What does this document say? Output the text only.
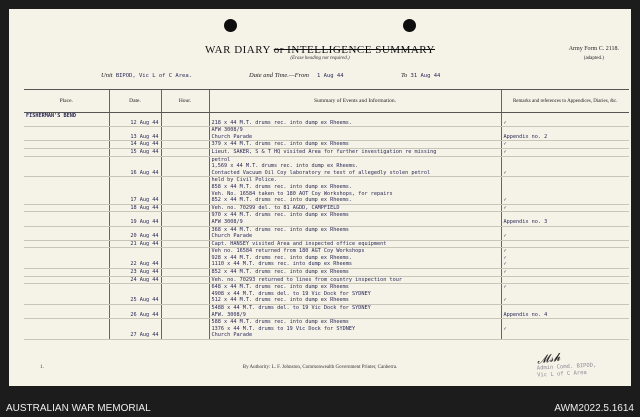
WAR DIARY or INTELLIGENCE SUMMARY
(Erase heading not required.)
Army Form C. 2118.
(adapted.)
Unit BIPOD, Vic L of C Area.	Date and Time.—From 1 Aug 44	To 31 Aug 44
Place.	Date.	Hour.	Summary of Events and Information.	Remarks and references to Appendices, Diaries, &c.
FISHERMAN'S BEND				
	12 Aug 44		218 x 44 M.T. drums rec. into dump ex Rheems.	✓
			AFW 3008/9	
	13 Aug 44		Church Parade	Appendix no. 2
	14 Aug 44		379 x 44 M.T. drums rec. into dump ex Rheems	✓
	15 Aug 44		Lieut. SAKER, S & T HQ visited Area for further investigation re missing	✓
			petrol	
			1,569 x 44 M.T. drums rec. into dump ex Rheems.	
	16 Aug 44		Contacted Vacuum Oil Coy laboratory re test of allegedly stolen petrol	✓
			held by Civil Police.	
			858 x 44 M.T. drums rec. into dump ex Rheems.	
			Veh. No. 16584 taken to 180 AOT Coy Workshops, for repairs	
	17 Aug 44		852 x 44 M.T. drums rec. into dump ex Rheems.	✓
	18 Aug 44		Veh. no. 70299 del. to 81 AGDD, CAMPFIELD	✓
			970 x 44 M.T. drums rec. into dump ex Rheems	
	19 Aug 44		AFW 3008/9	Appendix no. 3
			368 x 44 M.T. drums rec. into dump ex Rheems	
	20 Aug 44		Church Parade	✓
	21 Aug 44		Capt. HANSEY visited Area and inspected office equipment	
			Veh no. 16584 returned from 180 AGT Coy Workshops	✓
			928 x 44 M.T. drums rec. into dump ex Rheems.	✓
	22 Aug 44		1110 x 44 M.T. drums rec. into dump ex Rheems	✓
	23 Aug 44		852 x 44 M.T. drums rec. into dump ex Rheems	✓
	24 Aug 44		Veh. no. 70293 returned to lines from country inspection tour	
			648 x 44 M.T. drums rec. into dump ex Rheems	✓
			4908 x 44 M.T. drums del. to 19 Vic Dock for SYDNEY	
	25 Aug 44		512 x 44 M.T. drums rec. into dump ex Rheems	✓
			5488 x 44 M.T. drums del. to 19 Vic Dock for SYDNEY	
	26 Aug 44		AFW. 3008/9	Appendix no. 4
			588 x 44 M.T. drums rec. into dump ex Rheems	
			1376 x 44 M.T. drums to 19 Vic Dock for SYDNEY	✓
	27 Aug 44		Church Parade	
1.	By Authority: L. F. Johnston, Commonwealth Government Printer, Canberra.
𝓜𝓈𝓱
Admin Comd. BIPOD,
Vic L of C Area
AUSTRALIAN WAR MEMORIAL	AWM2022.5.1614
